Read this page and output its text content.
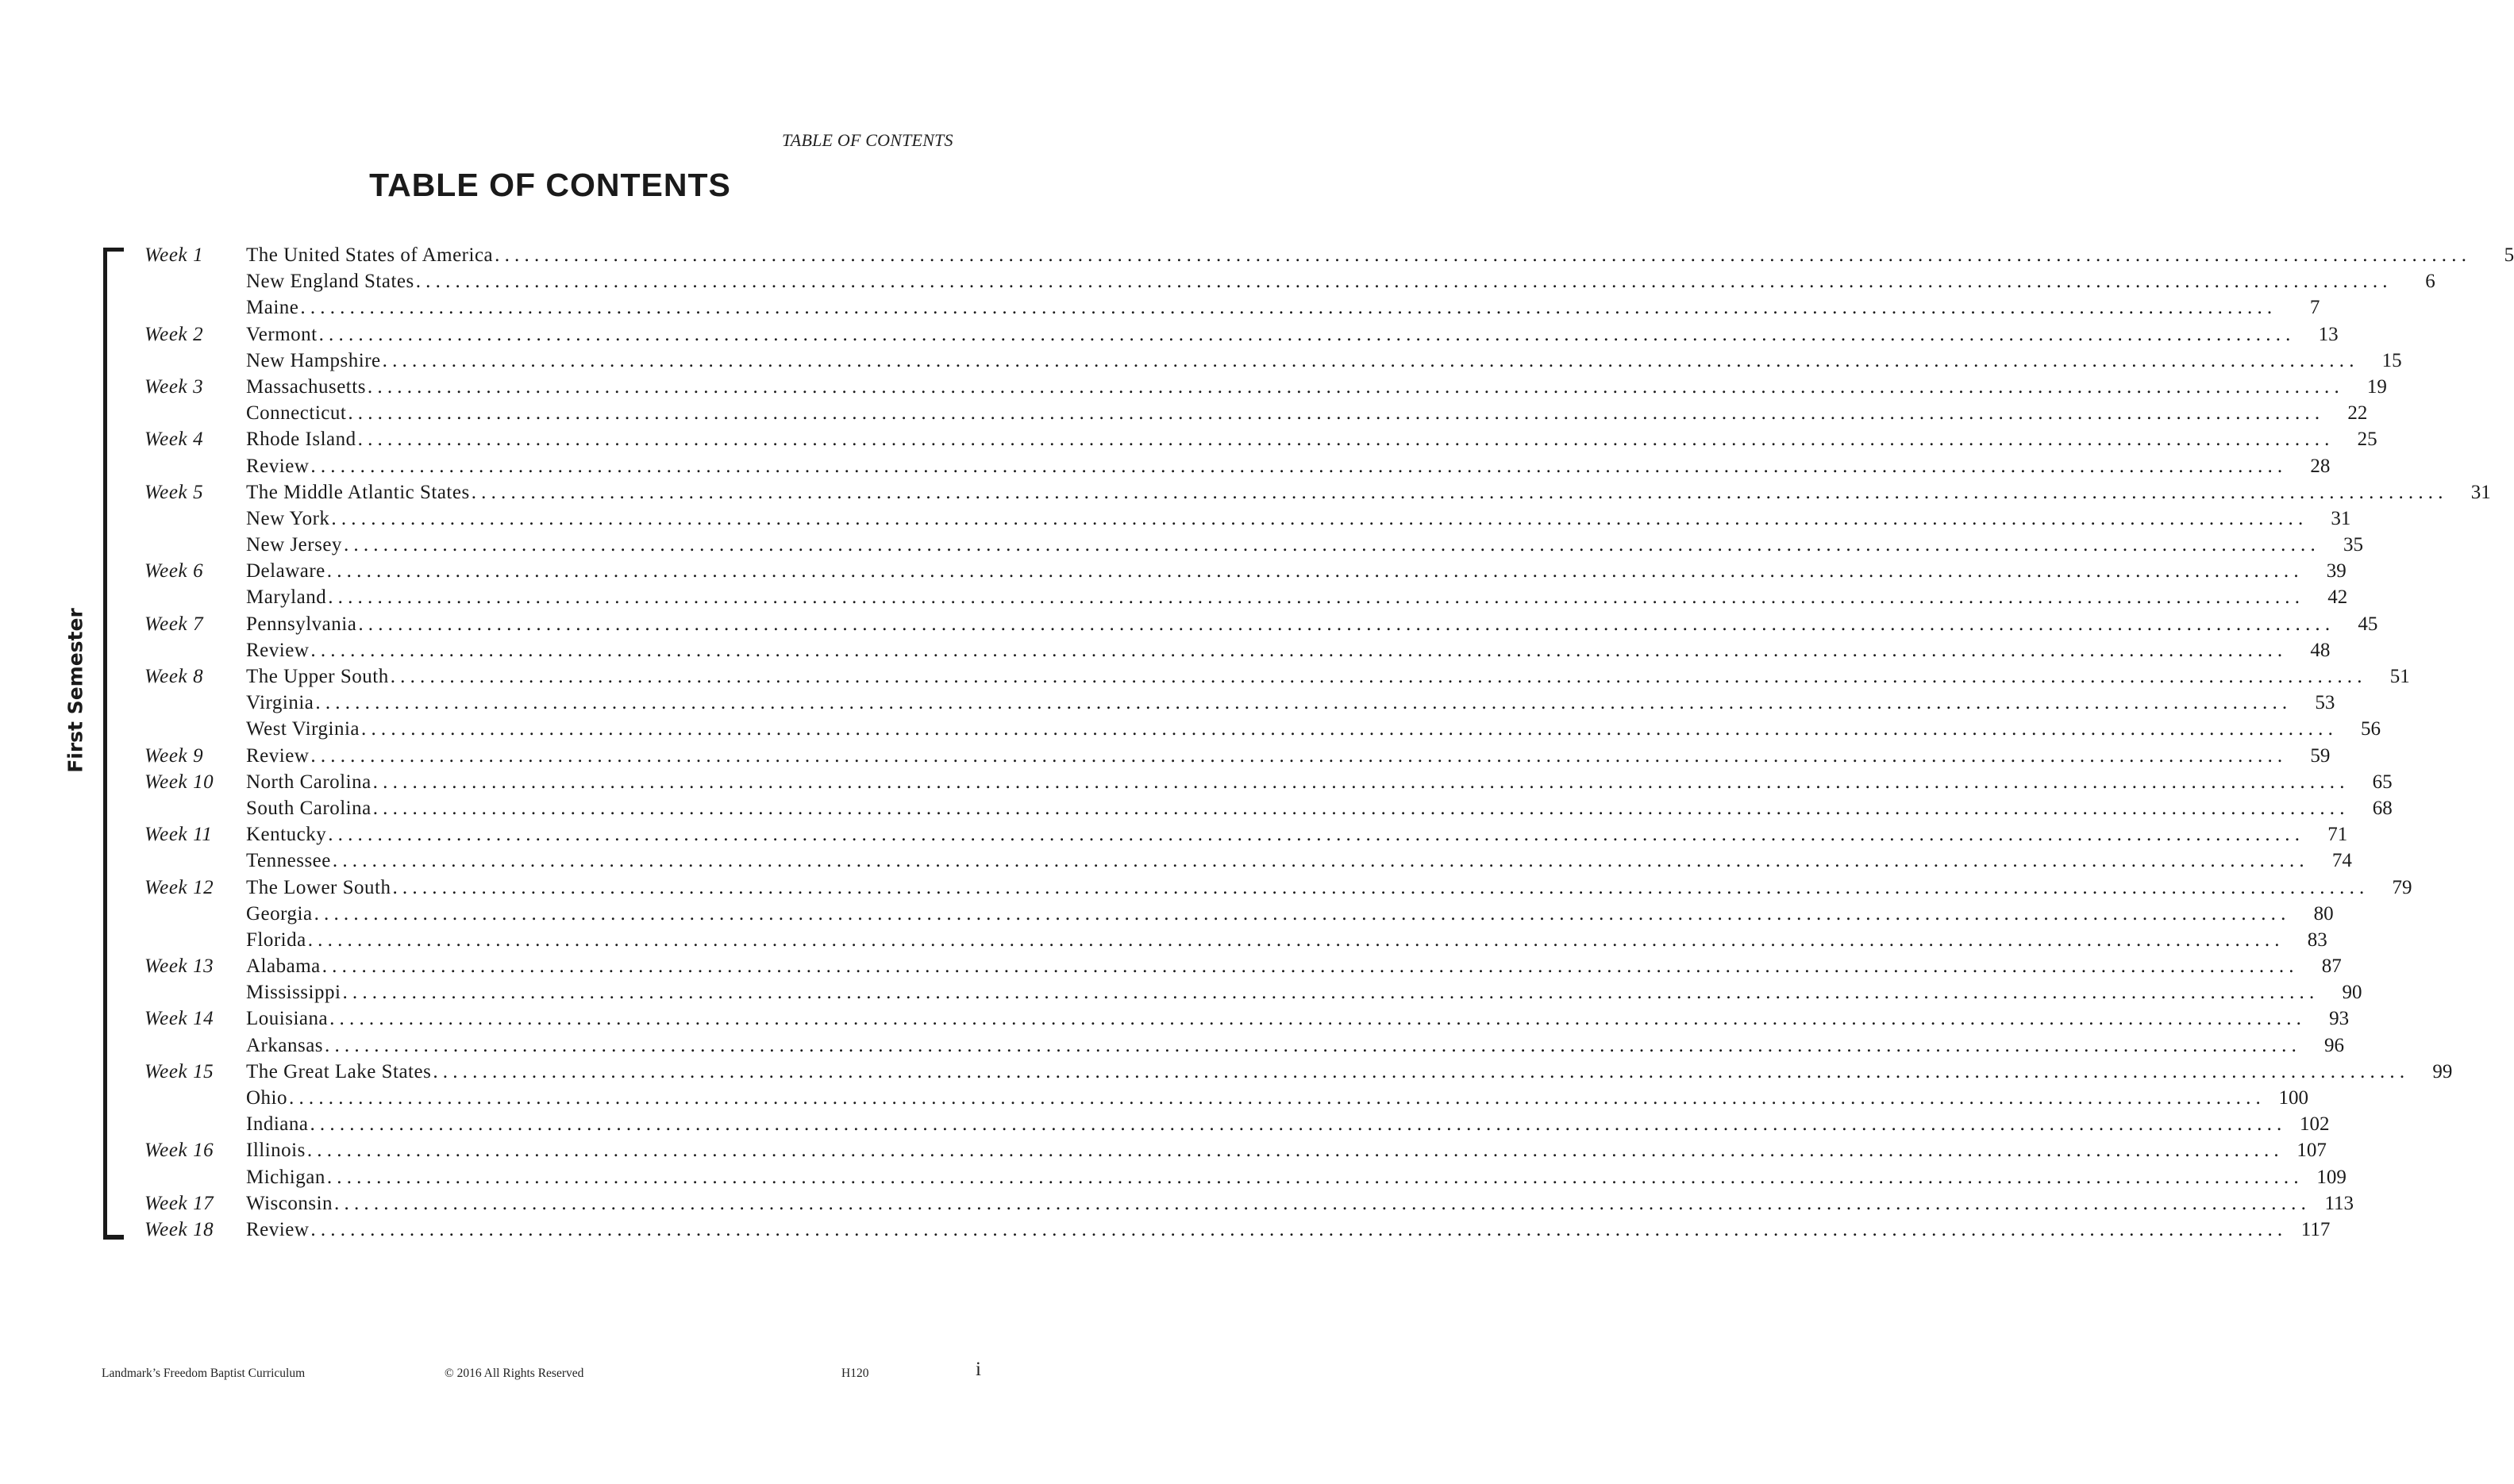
TABLE OF CONTENTS
TABLE OF CONTENTS
First Semester
Week 1	The United States of America ........................................................................................................................................................................................................	5
New England States ........................................................................................................................................................................................................	6
Maine ........................................................................................................................................................................................................	7
Week 2	Vermont ........................................................................................................................................................................................................	13
New Hampshire ........................................................................................................................................................................................................	15
Week 3	Massachusetts ........................................................................................................................................................................................................	19
Connecticut ........................................................................................................................................................................................................	22
Week 4	Rhode Island ........................................................................................................................................................................................................	25
Review ........................................................................................................................................................................................................	28
Week 5	The Middle Atlantic States ........................................................................................................................................................................................................	31
New York ........................................................................................................................................................................................................	31
New Jersey ........................................................................................................................................................................................................	35
Week 6	Delaware ........................................................................................................................................................................................................	39
Maryland ........................................................................................................................................................................................................	42
Week 7	Pennsylvania ........................................................................................................................................................................................................	45
Review ........................................................................................................................................................................................................	48
Week 8	The Upper South ........................................................................................................................................................................................................	51
Virginia ........................................................................................................................................................................................................	53
West Virginia ........................................................................................................................................................................................................	56
Week 9	Review ........................................................................................................................................................................................................	59
Week 10	North Carolina ........................................................................................................................................................................................................	65
South Carolina ........................................................................................................................................................................................................	68
Week 11	Kentucky ........................................................................................................................................................................................................	71
Tennessee ........................................................................................................................................................................................................	74
Week 12	The Lower South ........................................................................................................................................................................................................	79
Georgia ........................................................................................................................................................................................................	80
Florida ........................................................................................................................................................................................................	83
Week 13	Alabama ........................................................................................................................................................................................................	87
Mississippi ........................................................................................................................................................................................................	90
Week 14	Louisiana ........................................................................................................................................................................................................	93
Arkansas ........................................................................................................................................................................................................	96
Week 15	The Great Lake States ........................................................................................................................................................................................................	99
Ohio ........................................................................................................................................................................................................ 100
Indiana ........................................................................................................................................................................................................ 102
Week 16	Illinois ........................................................................................................................................................................................................ 107
Michigan ........................................................................................................................................................................................................ 109
Week 17	Wisconsin ........................................................................................................................................................................................................ 113
Week 18	Review ........................................................................................................................................................................................................ 117
Landmark’s Freedom Baptist Curriculum	© 2016 All Rights Reserved	H120	i
